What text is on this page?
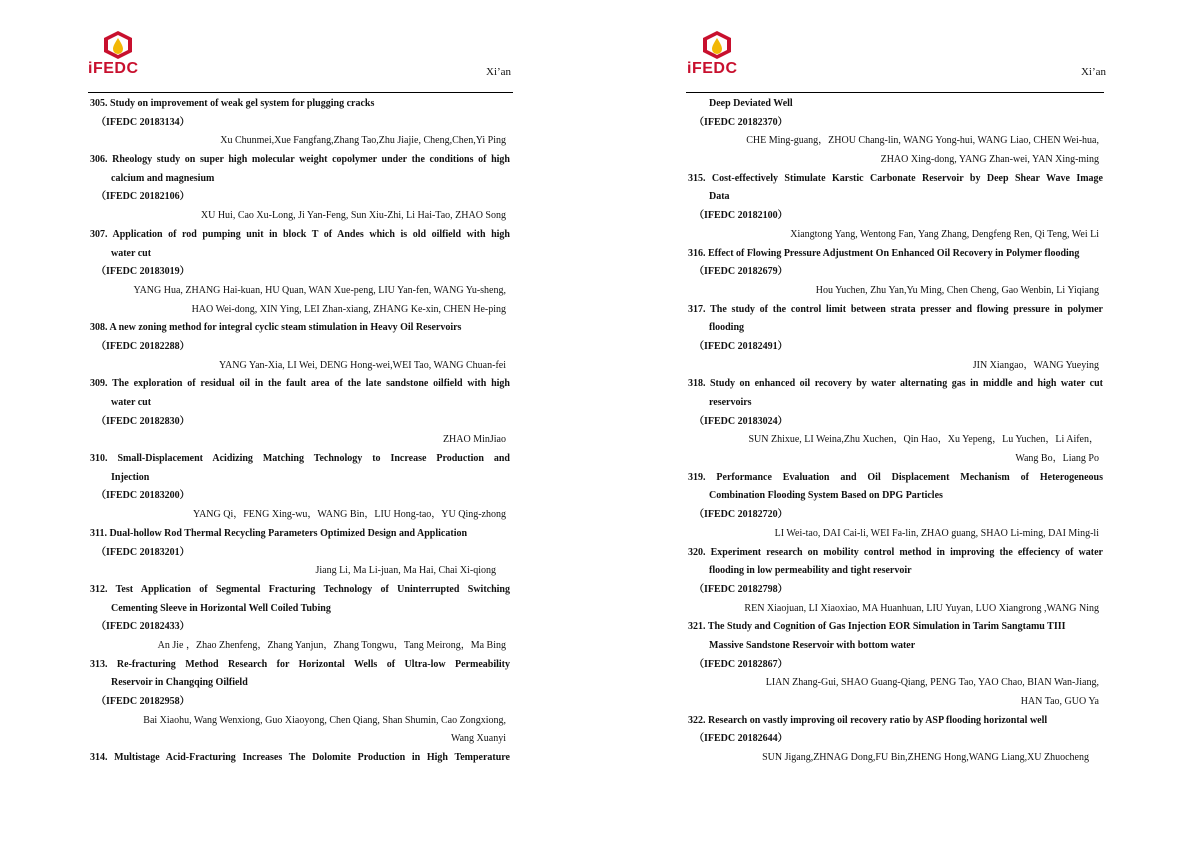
iFEDC	Xi’an
305. Study on improvement of weak gel system for plugging cracks
（IFEDC 20183134）
Xu Chunmei,Xue Fangfang,Zhang Tao,Zhu Jiajie, Cheng,Chen,Yi Ping
306. Rheology study on super high molecular weight copolymer under the conditions of high
calcium and magnesium
（IFEDC 20182106）
XU Hui, Cao Xu-Long, Ji Yan-Feng, Sun Xiu-Zhi, Li Hai-Tao, ZHAO Song
307. Application of rod pumping unit in block T of Andes which is old oilfield with high
water cut
（IFEDC 20183019）
YANG Hua, ZHANG Hai-kuan, HU Quan, WAN Xue-peng, LIU Yan-fen, WANG Yu-sheng,
HAO Wei-dong, XIN Ying, LEI Zhan-xiang, ZHANG Ke-xin, CHEN He-ping
308. A new zoning method for integral cyclic steam stimulation in Heavy Oil Reservoirs
（IFEDC 20182288）
YANG Yan-Xia, LI Wei, DENG Hong-wei,WEI Tao, WANG Chuan-fei
309. The exploration of residual oil in the fault area of the late sandstone oilfield with high
water cut
（IFEDC 20182830）
ZHAO MinJiao
310. Small-Displacement Acidizing Matching Technology to Increase Production and
Injection
（IFEDC 20183200）
YANG Qi，FENG Xing-wu，WANG Bin，LIU Hong-tao，YU Qing-zhong
311. Dual-hollow Rod Thermal Recycling Parameters Optimized Design and Application
（IFEDC 20183201）
Jiang Li, Ma Li-juan, Ma Hai, Chai Xi-qiong
312. Test Application of Segmental Fracturing Technology of Uninterrupted Switching
Cementing Sleeve in Horizontal Well Coiled Tubing
（IFEDC 20182433）
An Jie ，Zhao Zhenfeng，Zhang Yanjun，Zhang Tongwu，Tang Meirong，Ma Bing
313. Re-fracturing Method Research for Horizontal Wells of Ultra-low Permeability
Reservoir in Changqing Oilfield
（IFEDC 20182958）
Bai Xiaohu, Wang Wenxiong, Guo Xiaoyong, Chen Qiang, Shan Shumin, Cao Zongxiong,
Wang Xuanyi
314. Multistage Acid-Fracturing Increases The Dolomite Production in High Temperature
iFEDC	Xi’an
Deep Deviated Well
（IFEDC 20182370）
CHE Ming-guang，ZHOU Chang-lin, WANG Yong-hui, WANG Liao, CHEN Wei-hua,
ZHAO Xing-dong, YANG Zhan-wei, YAN Xing-ming
315. Cost-effectively Stimulate Karstic Carbonate Reservoir by Deep Shear Wave Image
Data
（IFEDC 20182100）
Xiangtong Yang, Wentong Fan, Yang Zhang, Dengfeng Ren, Qi Teng, Wei Li
316. Effect of Flowing Pressure Adjustment On Enhanced Oil Recovery in Polymer flooding
（IFEDC 20182679）
Hou Yuchen, Zhu Yan,Yu Ming, Chen Cheng, Gao Wenbin, Li Yiqiang
317. The study of the control limit between strata presser and flowing pressure in polymer
flooding
（IFEDC 20182491）
JIN Xiangao，WANG Yueying
318. Study on enhanced oil recovery by water alternating gas in middle and high water cut
reservoirs
（IFEDC 20183024）
SUN Zhixue, LI Weina,Zhu Xuchen，Qin Hao，Xu Yepeng，Lu Yuchen，Li Aifen，
Wang Bo，Liang Po
319. Performance Evaluation and Oil Displacement Mechanism of Heterogeneous
Combination Flooding System Based on DPG Particles
（IFEDC 20182720）
LI Wei-tao, DAI Cai-li, WEI Fa-lin, ZHAO guang, SHAO Li-ming, DAI Ming-li
320. Experiment research on mobility control method in improving the effeciency of water
flooding in low permeability and tight reservoir
（IFEDC 20182798）
REN Xiaojuan, LI Xiaoxiao, MA Huanhuan, LIU Yuyan, LUO Xiangrong ,WANG Ning
321. The Study and Cognition of Gas Injection EOR Simulation in Tarim Sangtamu TIII
Massive Sandstone Reservoir with bottom water
（IFEDC 20182867）
LIAN Zhang-Gui, SHAO Guang-Qiang, PENG Tao, YAO Chao, BIAN Wan-Jiang,
HAN Tao, GUO Ya
322. Research on vastly improving oil recovery ratio by ASP flooding horizontal well
（IFEDC 20182644）
SUN Jigang,ZHNAG Dong,FU Bin,ZHENG Hong,WANG Liang,XU Zhuocheng
